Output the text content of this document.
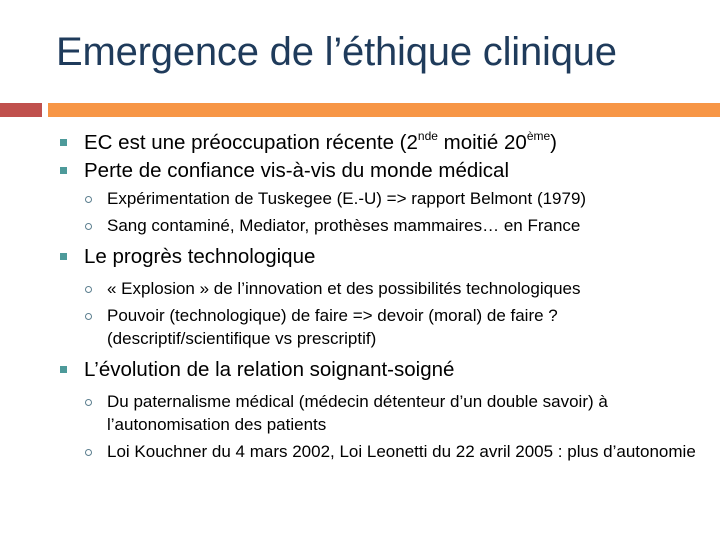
Emergence de l’éthique clinique
EC est une préoccupation récente (2nde moitié 20ème)
Perte de confiance vis-à-vis du monde médical
Expérimentation de Tuskegee (E.-U) => rapport Belmont (1979)
Sang contaminé, Mediator, prothèses mammaires… en France
Le progrès technologique
« Explosion » de l’innovation et des possibilités technologiques
Pouvoir (technologique) de faire => devoir (moral) de faire ? (descriptif/scientifique vs prescriptif)
L’évolution de la relation soignant-soigné
Du paternalisme médical (médecin détenteur d’un double savoir) à l’autonomisation des patients
Loi Kouchner du 4 mars 2002, Loi Leonetti du 22 avril 2005 : plus d’autonomie
